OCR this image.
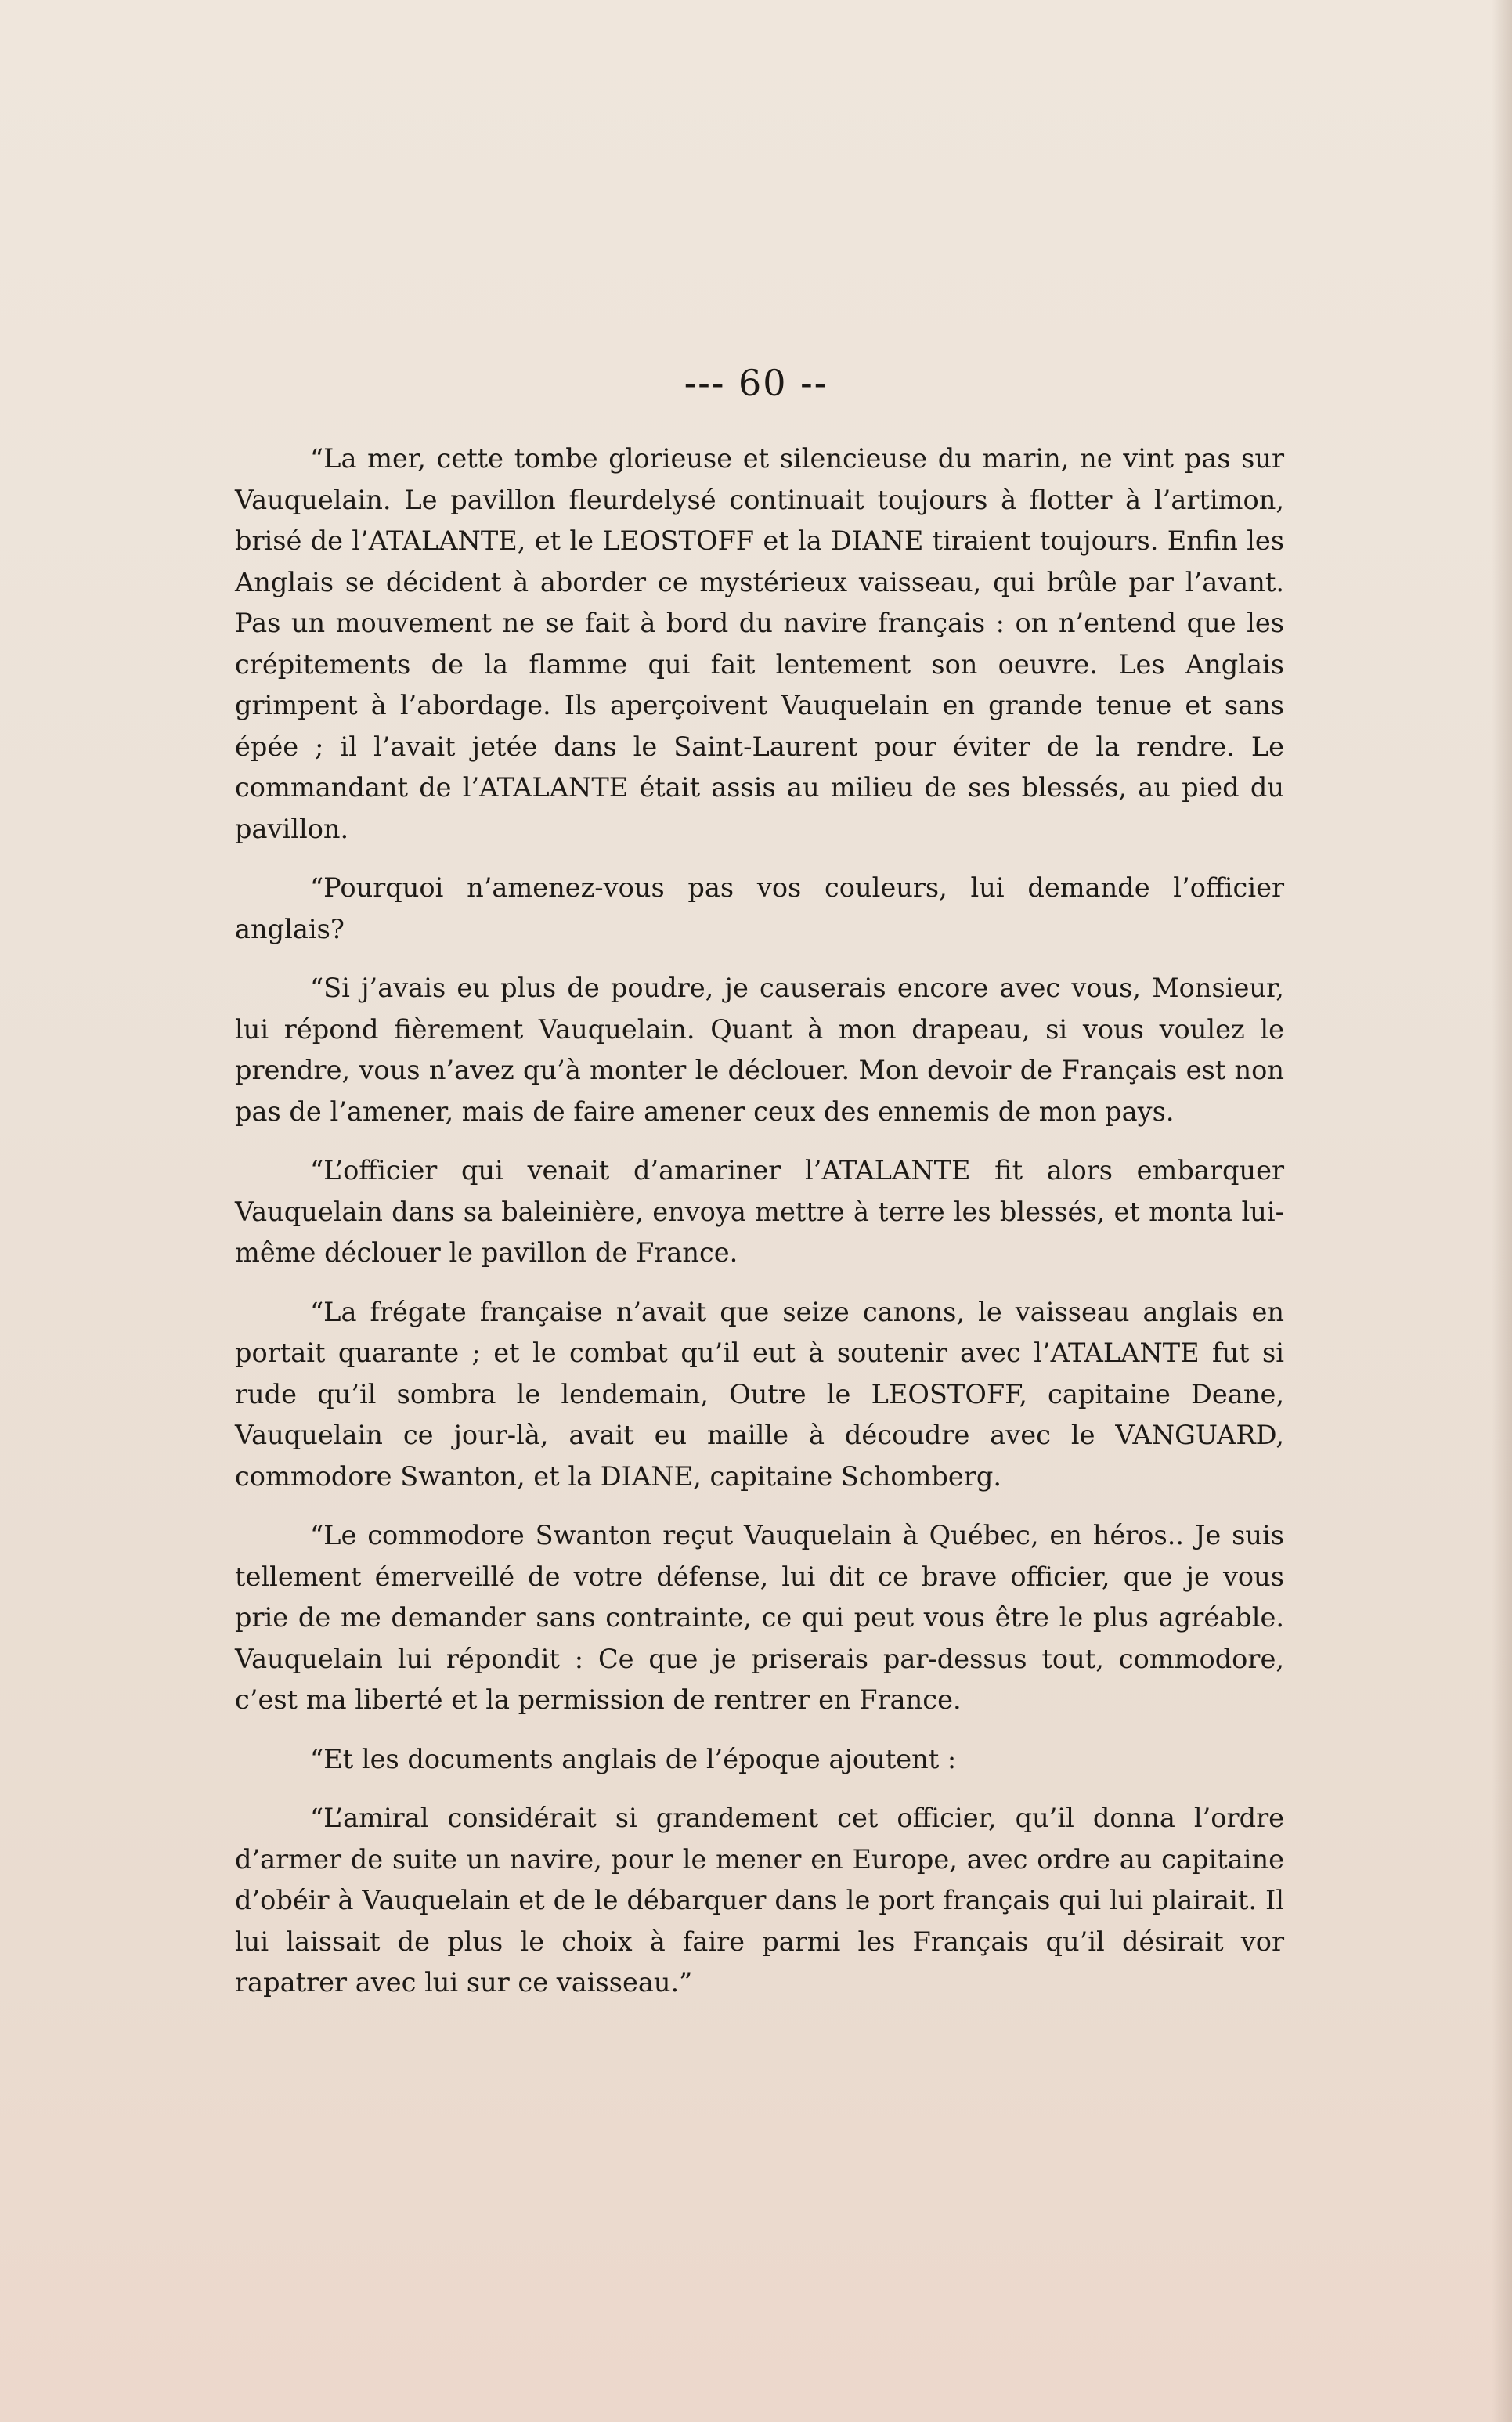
--- 60 --

“La mer, cette tombe glorieuse et silencieuse du marin, ne vint pas sur Vauquelain. Le pavillon fleurdelysé continuait toujours à flotter à l’artimon, brisé de l’ATALANTE, et le LEOSTOFF et la DIANE tiraient toujours. Enfin les Anglais se décident à aborder ce mystérieux vaisseau, qui brûle par l’avant. Pas un mouvement ne se fait à bord du navire français : on n’entend que les crépitements de la flamme qui fait lentement son oeuvre. Les Anglais grimpent à l’abordage. Ils aperçoivent Vauquelain en grande tenue et sans épée ; il l’avait jetée dans le Saint-Laurent pour éviter de la rendre. Le commandant de l’ATALANTE était assis au milieu de ses blessés, au pied du pavillon.

“Pourquoi n’amenez-vous pas vos couleurs, lui demande l’officier anglais?

“Si j’avais eu plus de poudre, je causerais encore avec vous, Monsieur, lui répond fièrement Vauquelain. Quant à mon drapeau, si vous voulez le prendre, vous n’avez qu’à monter le déclouer. Mon devoir de Français est non pas de l’amener, mais de faire amener ceux des ennemis de mon pays.

“L’officier qui venait d’amariner l’ATALANTE fit alors embarquer Vauquelain dans sa baleinière, envoya mettre à terre les blessés, et monta lui-même déclouer le pavillon de France.

“La frégate française n’avait que seize canons, le vaisseau anglais en portait quarante ; et le combat qu’il eut à soutenir avec l’ATALANTE fut si rude qu’il sombra le lendemain, Outre le LEOSTOFF, capitaine Deane, Vauquelain ce jour-là, avait eu maille à découdre avec le VANGUARD, commodore Swanton, et la DIANE, capitaine Schomberg.

“Le commodore Swanton reçut Vauquelain à Québec, en héros.. Je suis tellement émerveillé de votre défense, lui dit ce brave officier, que je vous prie de me demander sans contrainte, ce qui peut vous être le plus agréable. Vauquelain lui répondit : Ce que je priserais par-dessus tout, commodore, c’est ma liberté et la permission de rentrer en France.

“Et les documents anglais de l’époque ajoutent :

“L’amiral considérait si grandement cet officier, qu’il donna l’ordre d’armer de suite un navire, pour le mener en Europe, avec ordre au capitaine d’obéir à Vauquelain et de le débarquer dans le port français qui lui plairait. Il lui laissait de plus le choix à faire parmi les Français qu’il désirait vor rapatrer avec lui sur ce vaisseau.”
